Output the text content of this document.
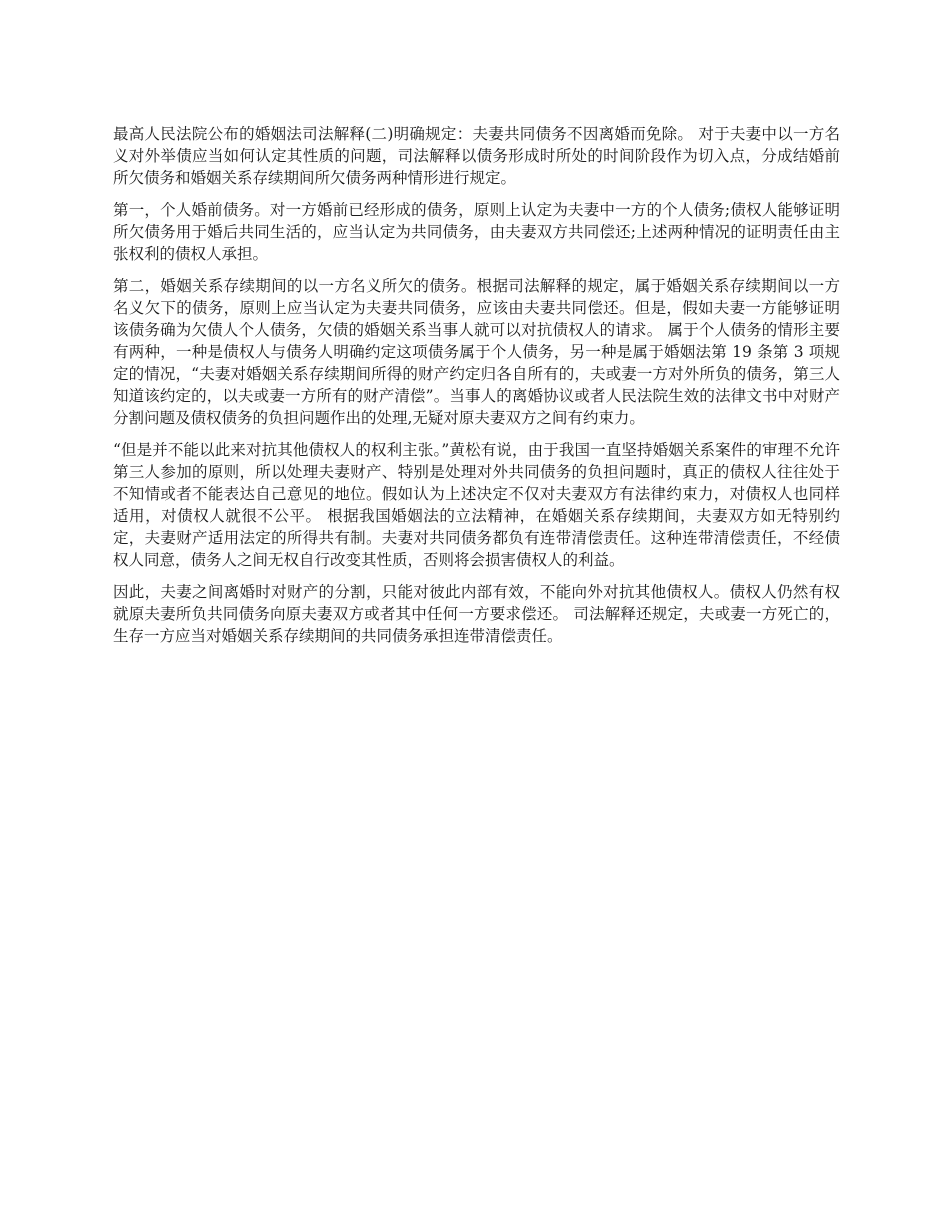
最高人民法院公布的婚姻法司法解释(二)明确规定：夫妻共同债务不因离婚而免除。 对于夫妻中以一方名义对外举债应当如何认定其性质的问题，司法解释以债务形成时所处的时间阶段作为切入点，分成结婚前所欠债务和婚姻关系存续期间所欠债务两种情形进行规定。

第一，个人婚前债务。对一方婚前已经形成的债务，原则上认定为夫妻中一方的个人债务;债权人能够证明所欠债务用于婚后共同生活的，应当认定为共同债务，由夫妻双方共同偿还;上述两种情况的证明责任由主张权利的债权人承担。

第二，婚姻关系存续期间的以一方名义所欠的债务。根据司法解释的规定，属于婚姻关系存续期间以一方名义欠下的债务，原则上应当认定为夫妻共同债务，应该由夫妻共同偿还。但是，假如夫妻一方能够证明该债务确为欠债人个人债务，欠债的婚姻关系当事人就可以对抗债权人的请求。 属于个人债务的情形主要有两种，一种是债权人与债务人明确约定这项债务属于个人债务，另一种是属于婚姻法第 19 条第 3 项规定的情况，“夫妻对婚姻关系存续期间所得的财产约定归各自所有的，夫或妻一方对外所负的债务，第三人知道该约定的，以夫或妻一方所有的财产清偿”。当事人的离婚协议或者人民法院生效的法律文书中对财产分割问题及债权债务的负担问题作出的处理,无疑对原夫妻双方之间有约束力。

“但是并不能以此来对抗其他债权人的权利主张。”黄松有说，由于我国一直坚持婚姻关系案件的审理不允许第三人参加的原则，所以处理夫妻财产、特别是处理对外共同债务的负担问题时，真正的债权人往往处于不知情或者不能表达自己意见的地位。假如认为上述决定不仅对夫妻双方有法律约束力，对债权人也同样适用，对债权人就很不公平。 根据我国婚姻法的立法精神，在婚姻关系存续期间，夫妻双方如无特别约定，夫妻财产适用法定的所得共有制。夫妻对共同债务都负有连带清偿责任。这种连带清偿责任，不经债权人同意，债务人之间无权自行改变其性质，否则将会损害债权人的利益。

因此，夫妻之间离婚时对财产的分割，只能对彼此内部有效，不能向外对抗其他债权人。债权人仍然有权就原夫妻所负共同债务向原夫妻双方或者其中任何一方要求偿还。 司法解释还规定，夫或妻一方死亡的，生存一方应当对婚姻关系存续期间的共同债务承担连带清偿责任。
